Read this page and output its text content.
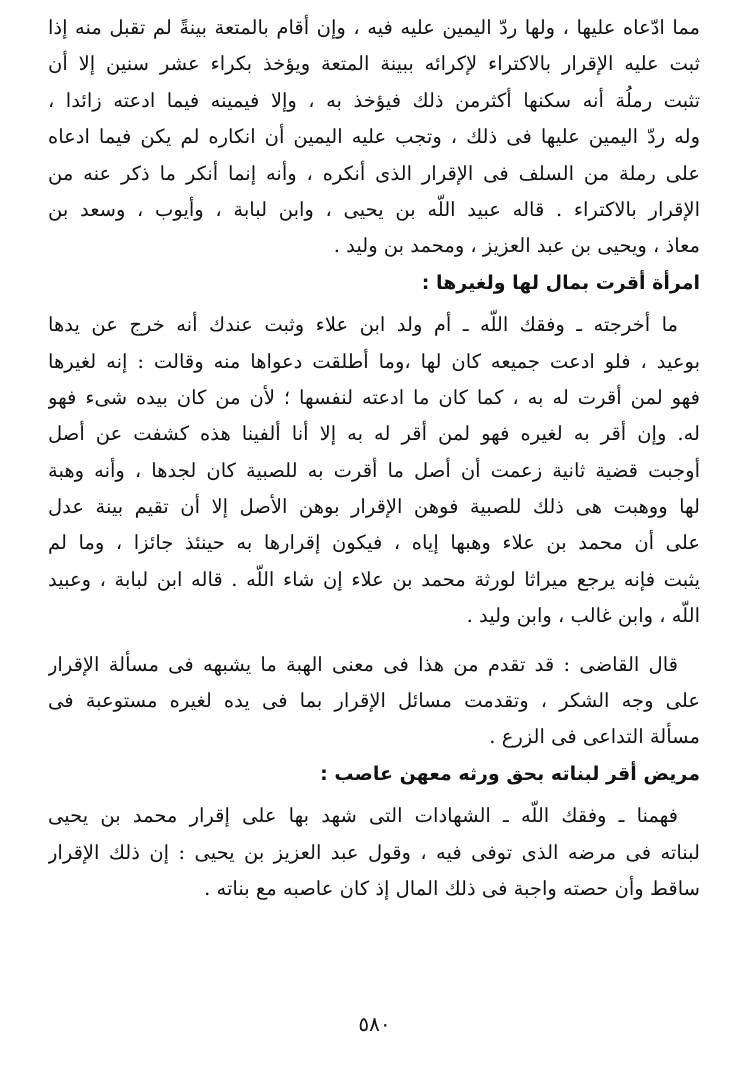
مما ادّعاه عليها ، ولها ردّ اليمين عليه فيه ، وإن أقام بالمتعة بينةً لم تقبل منه إذا
ثبت عليه الإقرار بالاكتراء لإكرائه ببينة المتعة ويؤخذ بكراء عشر سنين إلا أن
تثبت رملُة أنه سكنها أكثرمن ذلك فيؤخذ به ، وإلا فيمينه فيما ادعته زائدا ،
وله ردّ اليمين عليها فى ذلك ، وتجب عليه اليمين أن انكاره لم يكن فيما ادعاه
على رملة من السلف فى الإقرار الذى أنكره ، وأنه إنما أنكر ما ذكر عنه من
الإقرار بالاكتراء . قاله عبيد اللّه بن يحيى ، وابن لبابة ، وأيوب ، وسعد بن
معاذ ، ويحيى بن عبد العزيز ، ومحمد بن وليد .
امرأة أقرت بمال لها ولغيرها :
ما أخرجته ـ وفقك اللّه ـ أم ولد ابن علاء وثبت عندك أنه خرج عن يدها
بوعيد ، فلو ادعت جميعه كان لها ،وما أطلقت دعواها منه وقالت : إنه لغيرها
فهو لمن أقرت له به ، كما كان ما ادعته لنفسها ؛ لأن من كان بيده شىء فهو
له. وإن أقر به لغيره فهو لمن أقر له به إلا أنا ألفينا هذه كشفت عن أصل
أوجبت قضية ثانية زعمت أن أصل ما أقرت به للصبية كان لجدها ، وأنه وهبة
لها ووهبت هى ذلك للصبية فوهن الإقرار بوهن الأصل إلا أن تقيم بينة عدل
على أن محمد بن علاء وهبها إياه ، فيكون إقرارها به حينئذ جائزا ، وما لم
يثبت فإنه يرجع ميراثا لورثة محمد بن علاء إن شاء اللّه . قاله ابن لبابة ، وعبيد
اللّه ، وابن غالب ، وابن وليد .
قال القاضى : قد تقدم من هذا فى معنى الهبة ما يشبهه فى مسألة الإقرار
على وجه الشكر ، وتقدمت مسائل الإقرار بما فى يده لغيره مستوعبة فى
مسألة التداعى فى الزرع .
مريض أقر لبناته بحق ورثه معهن عاصب :
فهمنا ـ وفقك اللّه ـ الشهادات التى شهد بها على إقرار محمد بن يحيى
لبناته فى مرضه الذى توفى فيه ، وقول عبد العزيز بن يحيى : إن ذلك الإقرار
ساقط وأن حصته واجبة فى ذلك المال إذ كان عاصبه مع بناته .
٥٨٠
